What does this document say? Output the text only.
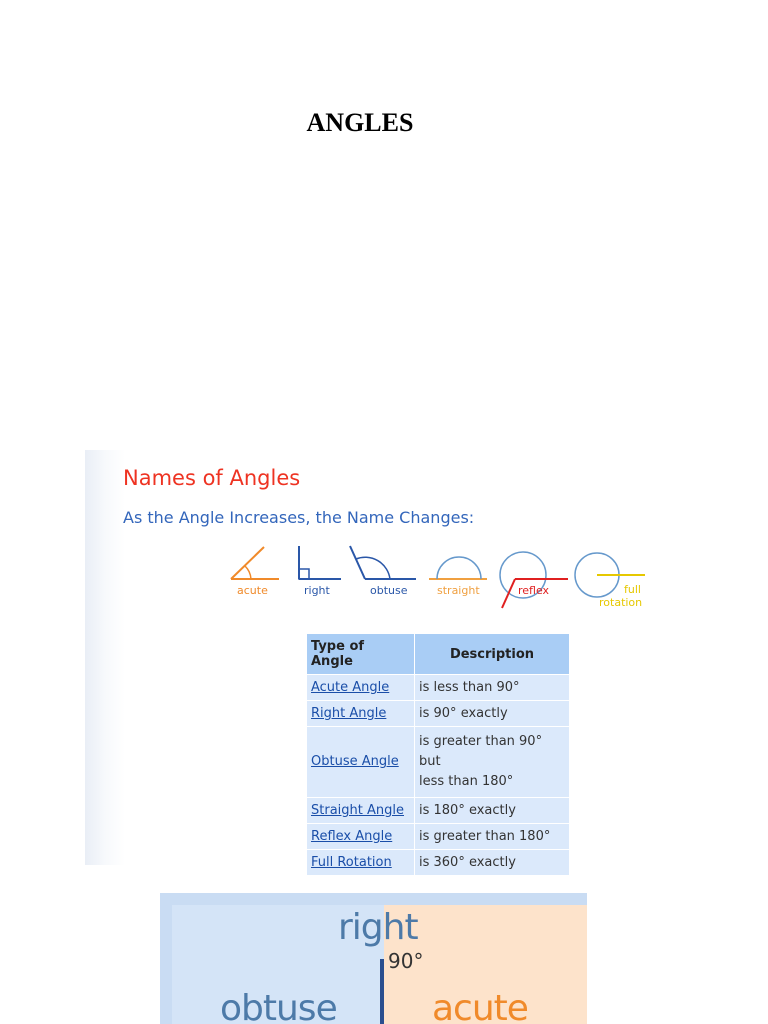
ANGLES
Names of Angles
As the Angle Increases, the Name Changes:
acute	right	obtuse	straight	reflex	full
rotation
Type of Angle	Description
Acute Angle	is less than 90°
Right Angle	is 90° exactly
Obtuse Angle	is greater than 90° but
less than 180°

Straight Angle	is 180° exactly
Reflex Angle	is greater than 180°
Full Rotation	is 360° exactly
right
90°
obtuse	acute
